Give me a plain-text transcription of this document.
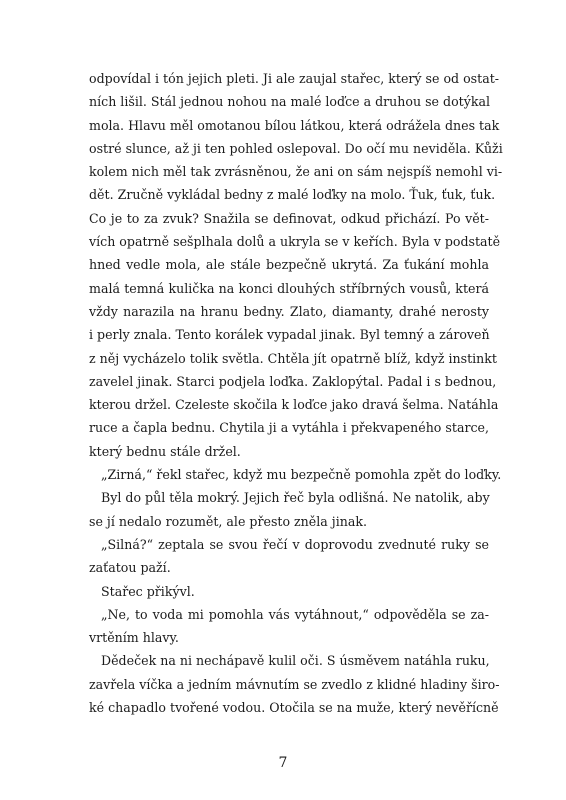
odpovídal i tón jejich pleti. Ji ale zaujal stařec, který se od ostat-
ních lišil. Stál jednou nohou na malé loďce a druhou se dotýkal
mola. Hlavu měl omotanou bílou látkou, která odrážela dnes tak
ostré slunce, až ji ten pohled oslepoval. Do očí mu neviděla. Kůži
kolem nich měl tak zvrásněnou, že ani on sám nejspíš nemohl vi-
dět. Zručně vykládal bedny z malé loďky na molo. Ťuk, ťuk, ťuk.
Co je to za zvuk? Snažila se definovat, odkud přichází. Po vět-
vích opatrně sešplhala dolů a ukryla se v keřích. Byla v podstatě
hned vedle mola, ale stále bezpečně ukrytá. Za ťukání mohla
malá temná kulička na konci dlouhých stříbrných vousů, která
vždy narazila na hranu bedny. Zlato, diamanty, drahé nerosty
i perly znala. Tento korálek vypadal jinak. Byl temný a zároveň
z něj vycházelo tolik světla. Chtěla jít opatrně blíž, když instinkt
zavelel jinak. Starci podjela loďka. Zaklopýtal. Padal i s bednou,
kterou držel. Czeleste skočila k loďce jako dravá šelma. Natáhla
ruce a čapla bednu. Chytila ji a vytáhla i překvapeného starce,
který bednu stále držel.
„Zirná,“ řekl stařec, když mu bezpečně pomohla zpět do loďky.
Byl do půl těla mokrý. Jejich řeč byla odlišná. Ne natolik, aby
se jí nedalo rozumět, ale přesto zněla jinak.
„Silná?“ zeptala se svou řečí v doprovodu zvednuté ruky se
zaťatou paží.
Stařec přikývl.
„Ne, to voda mi pomohla vás vytáhnout,“ odpověděla se za-
vrtěním hlavy.
Dědeček na ni nechápavě kulil oči. S úsměvem natáhla ruku,
zavřela víčka a jedním mávnutím se zvedlo z klidné hladiny širo-
ké chapadlo tvořené vodou. Otočila se na muže, který nevěřícně
7
